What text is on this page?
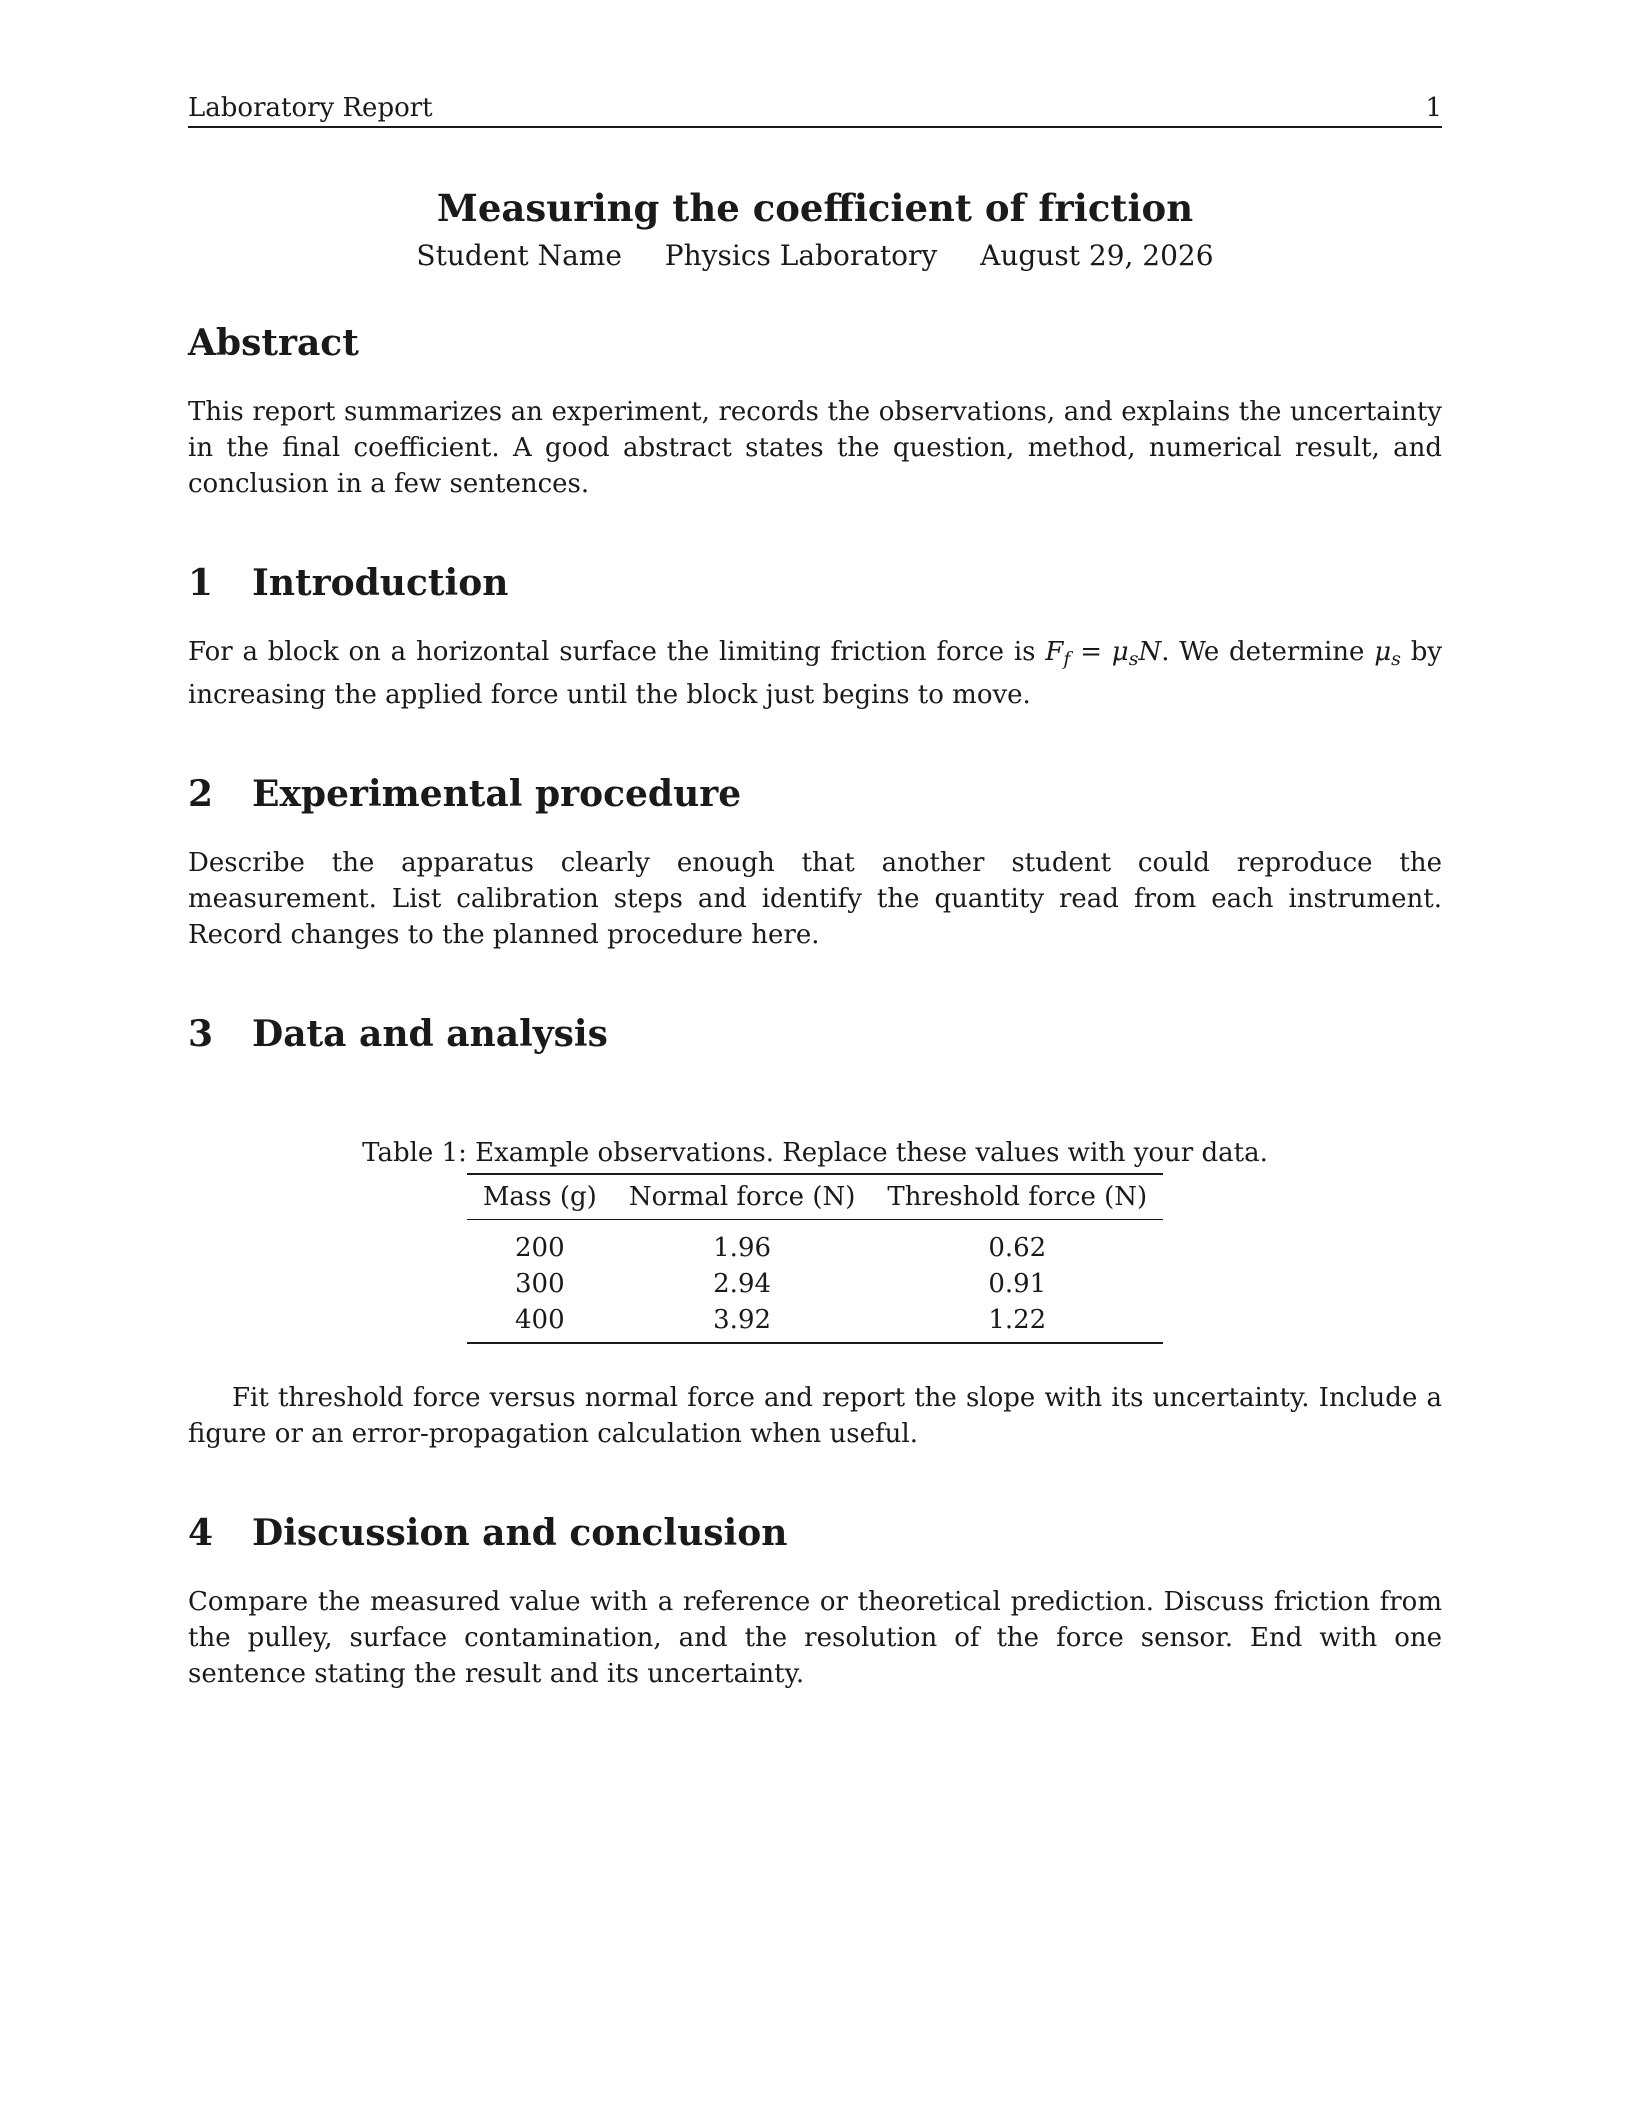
Laboratory Report	1
Measuring the coefficient of friction
Student Name Physics Laboratory August 29, 2026
Abstract

This report summarizes an experiment, records the observations, and explains the uncertainty in the final coefficient. A good abstract states the question, method, numerical result, and conclusion in a few sentences.

1 Introduction

For a block on a horizontal surface the limiting friction force is $F_f = \mu_sN$. We determine $\mu_s$ by increasing the applied force until the block just begins to move.

2 Experimental procedure

Describe the apparatus clearly enough that another student could reproduce the measurement. List calibration steps and identify the quantity read from each instrument. Record changes to the planned procedure here.

3 Data and analysis

Table 1: Example observations. Replace these values with your data.

Mass (g)	Normal force (N)	Threshold force (N)
200	1.96	0.62
300	2.94	0.91
400	3.92	1.22

Fit threshold force versus normal force and report the slope with its uncertainty. Include a figure or an error-propagation calculation when useful.

4 Discussion and conclusion

Compare the measured value with a reference or theoretical prediction. Discuss friction from the pulley, surface contamination, and the resolution of the force sensor. End with one sentence stating the result and its uncertainty.
